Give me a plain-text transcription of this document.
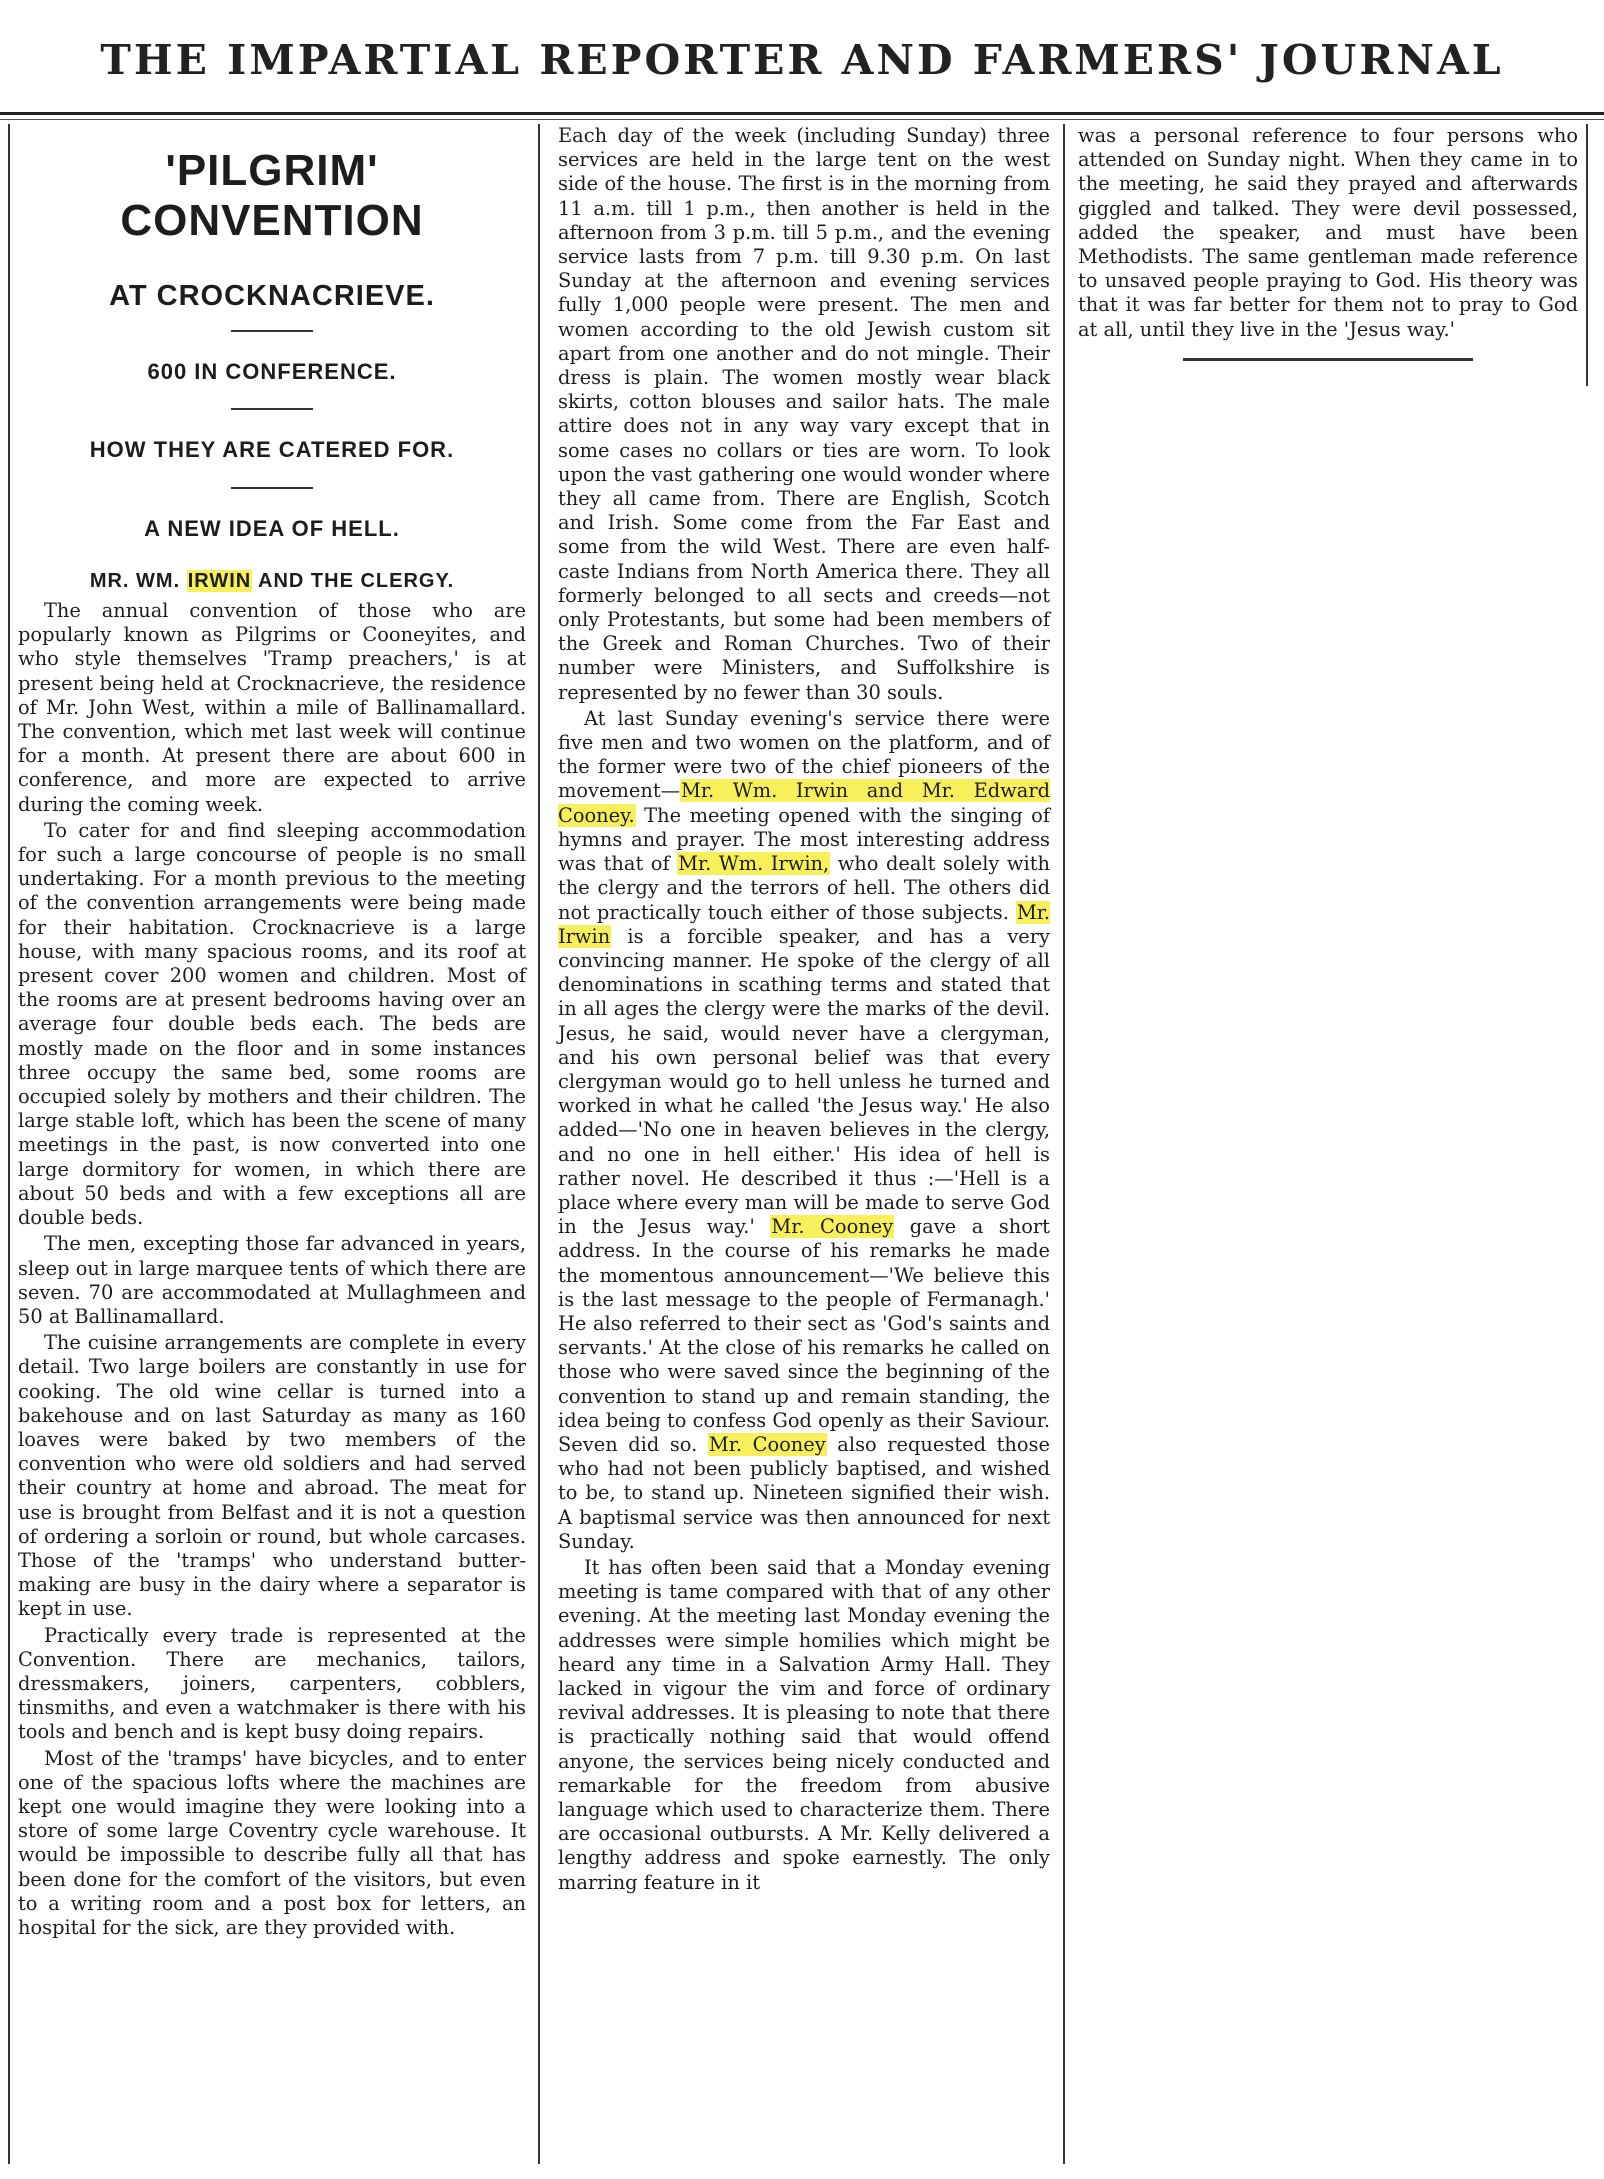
THE IMPARTIAL REPORTER AND FARMERS' JOURNAL
'PILGRIM' CONVENTION
AT CROCKNACRIEVE.
600 IN CONFERENCE.
HOW THEY ARE CATERED FOR.
A NEW IDEA OF HELL.
MR. WM. IRWIN AND THE CLERGY.

The annual convention of those who are popularly known as Pilgrims or Cooneyites, and who style themselves 'Tramp preachers,' is at present being held at Crocknacrieve, the residence of Mr. John West, within a mile of Ballinamallard. The convention, which met last week will continue for a month. At present there are about 600 in conference, and more are expected to arrive during the coming week.

To cater for and find sleeping accommodation for such a large concourse of people is no small undertaking. For a month previous to the meeting of the convention arrangements were being made for their habitation. Crocknacrieve is a large house, with many spacious rooms, and its roof at present cover 200 women and children. Most of the rooms are at present bedrooms having over an average four double beds each. The beds are mostly made on the floor and in some instances three occupy the same bed, some rooms are occupied solely by mothers and their children. The large stable loft, which has been the scene of many meetings in the past, is now converted into one large dormitory for women, in which there are about 50 beds and with a few exceptions all are double beds.

The men, excepting those far advanced in years, sleep out in large marquee tents of which there are seven. 70 are accommodated at Mullaghmeen and 50 at Ballinamallard.

The cuisine arrangements are complete in every detail. Two large boilers are constantly in use for cooking. The old wine cellar is turned into a bakehouse and on last Saturday as many as 160 loaves were baked by two members of the convention who were old soldiers and had served their country at home and abroad. The meat for use is brought from Belfast and it is not a question of ordering a sorloin or round, but whole carcases. Those of the 'tramps' who understand butter-making are busy in the dairy where a separator is kept in use.

Practically every trade is represented at the Convention. There are mechanics, tailors, dressmakers, joiners, carpenters, cobblers, tinsmiths, and even a watchmaker is there with his tools and bench and is kept busy doing repairs.

Most of the 'tramps' have bicycles, and to enter one of the spacious lofts where the machines are kept one would imagine they were looking into a store of some large Coventry cycle warehouse. It would be impossible to describe fully all that has been done for the comfort of the visitors, but even to a writing room and a post box for letters, an hospital for the sick, are they provided with.

Each day of the week (including Sunday) three services are held in the large tent on the west side of the house. The first is in the morning from 11 a.m. till 1 p.m., then another is held in the afternoon from 3 p.m. till 5 p.m., and the evening service lasts from 7 p.m. till 9.30 p.m. On last Sunday at the afternoon and evening services fully 1,000 people were present. The men and women according to the old Jewish custom sit apart from one another and do not mingle. Their dress is plain. The women mostly wear black skirts, cotton blouses and sailor hats. The male attire does not in any way vary except that in some cases no collars or ties are worn. To look upon the vast gathering one would wonder where they all came from. There are English, Scotch and Irish. Some come from the Far East and some from the wild West. There are even half-caste Indians from North America there. They all formerly belonged to all sects and creeds—not only Protestants, but some had been members of the Greek and Roman Churches. Two of their number were Ministers, and Suffolkshire is represented by no fewer than 30 souls.

At last Sunday evening's service there were five men and two women on the platform, and of the former were two of the chief pioneers of the movement—Mr. Wm. Irwin and Mr. Edward Cooney. The meeting opened with the singing of hymns and prayer. The most interesting address was that of Mr. Wm. Irwin, who dealt solely with the clergy and the terrors of hell. The others did not practically touch either of those subjects. Mr. Irwin is a forcible speaker, and has a very convincing manner. He spoke of the clergy of all denominations in scathing terms and stated that in all ages the clergy were the marks of the devil. Jesus, he said, would never have a clergyman, and his own personal belief was that every clergyman would go to hell unless he turned and worked in what he called 'the Jesus way.' He also added—'No one in heaven believes in the clergy, and no one in hell either.' His idea of hell is rather novel. He described it thus :—'Hell is a place where every man will be made to serve God in the Jesus way.' Mr. Cooney gave a short address. In the course of his remarks he made the momentous announcement—'We believe this is the last message to the people of Fermanagh.' He also referred to their sect as 'God's saints and servants.' At the close of his remarks he called on those who were saved since the beginning of the convention to stand up and remain standing, the idea being to confess God openly as their Saviour. Seven did so. Mr. Cooney also requested those who had not been publicly baptised, and wished to be, to stand up. Nineteen signified their wish. A baptismal service was then announced for next Sunday.

It has often been said that a Monday evening meeting is tame compared with that of any other evening. At the meeting last Monday evening the addresses were simple homilies which might be heard any time in a Salvation Army Hall. They lacked in vigour the vim and force of ordinary revival addresses. It is pleasing to note that there is practically nothing said that would offend anyone, the services being nicely conducted and remarkable for the freedom from abusive language which used to characterize them. There are occasional outbursts. A Mr. Kelly delivered a lengthy address and spoke earnestly. The only marring feature in it

was a personal reference to four persons who attended on Sunday night. When they came in to the meeting, he said they prayed and afterwards giggled and talked. They were devil possessed, added the speaker, and must have been Methodists. The same gentleman made reference to unsaved people praying to God. His theory was that it was far better for them not to pray to God at all, until they live in the 'Jesus way.'
